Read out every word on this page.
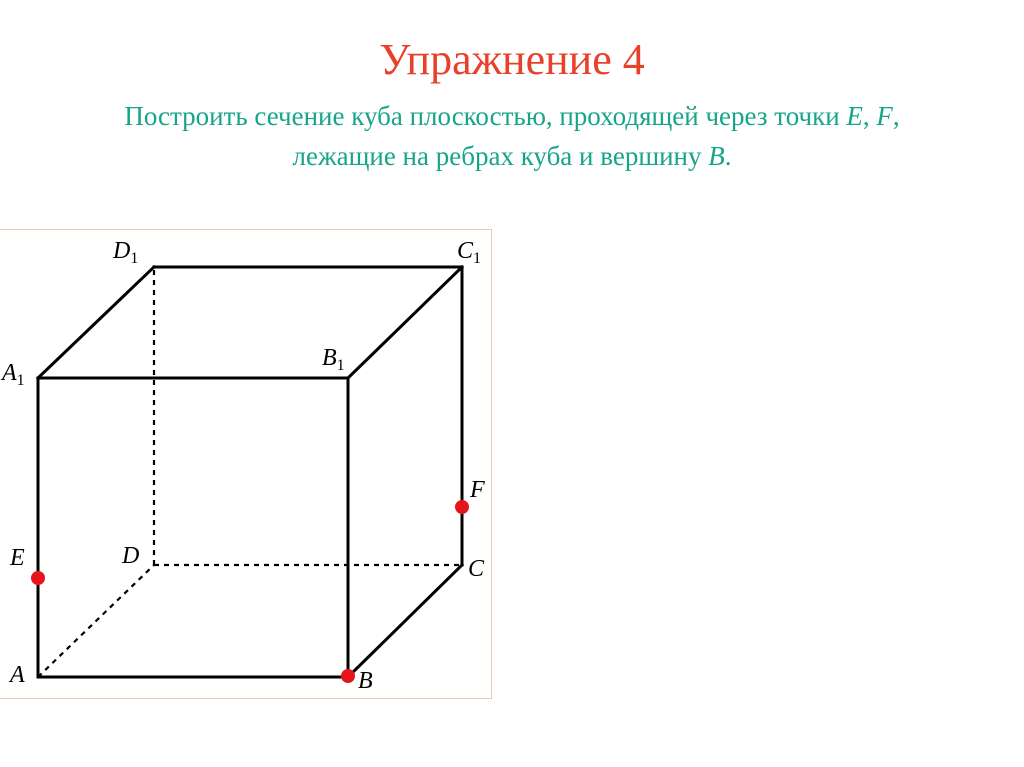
Упражнение 4
Построить сечение куба плоскостью, проходящей через точки E, F,
лежащие на ребрах куба и вершину B.
$D_1$	$C_1$
$A_1$
$B_1$
D	C
A	B
E
F
